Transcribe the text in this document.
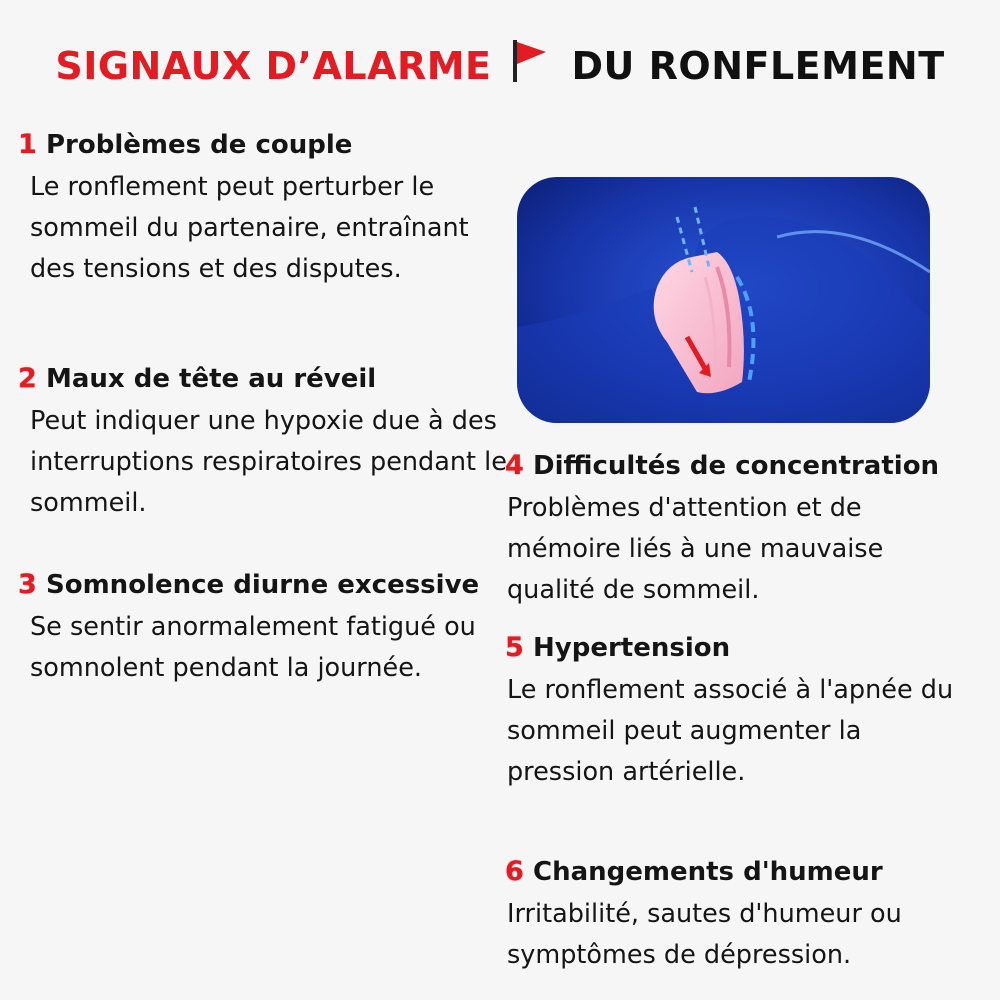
SIGNAUX D’ALARME DU RONFLEMENT
1 Problèmes de couple
Le ronflement peut perturber le sommeil du partenaire, entraînant des tensions et des disputes.
2 Maux de tête au réveil
Peut indiquer une hypoxie due à des interruptions respiratoires pendant le sommeil.
3 Somnolence diurne excessive
Se sentir anormalement fatigué ou somnolent pendant la journée.
4 Difficultés de concentration
Problèmes d'attention et de mémoire liés à une mauvaise qualité de sommeil.
5 Hypertension
Le ronflement associé à l'apnée du sommeil peut augmenter la pression artérielle.
6 Changements d'humeur
Irritabilité, sautes d'humeur ou symptômes de dépression.
